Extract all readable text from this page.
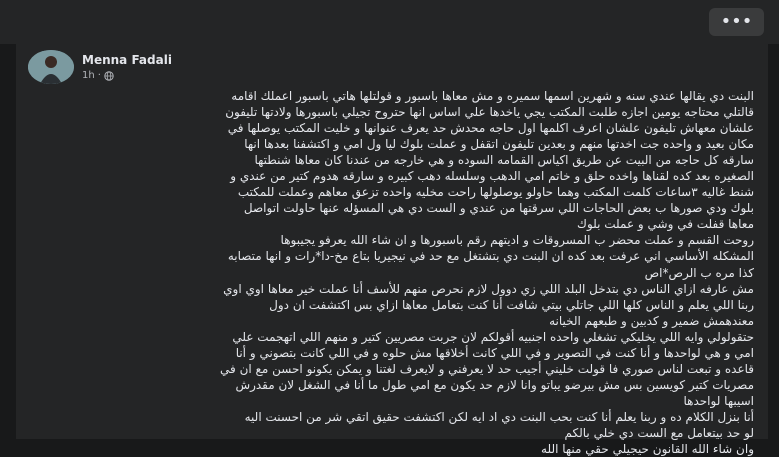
•••
Menna Fadali
1h ·

البنت دي يقالها عندي سنه و شهرين اسمها سميره و مش معاها باسبور و قولتلها هاتي باسبور اعملك اقامه

قالتلي محتاجه يومين اجازه طلبت المكتب يجي ياخدها علي اساس انها حتروح تجيلي باسبورها ولادتها تليفون

علشان معهاش تليفون علشان اعرف اكلمها اول حاجه محدش حد يعرف عنوانها و خليت المكتب يوصلها في

مكان بعيد و واحده جت اخدتها منهم و بعدين تليفون اتقفل و عملت بلوك ليا ول امي و اكتشفنا بعدها انها

سارقه كل حاجه من البيت عن طريق اكياس القمامه السوده و هي خارجه من عندنا كان معاها شنطتها

الصغيره بعد كده لقناها واخده حلق و خاتم امي الدهب وسلسله دهب كبيره و سارقه هدوم كتير من عندي و

شنط غاليه ٣ساعات كلمت المكتب وهما حاولو يوصلولها راحت مخليه واحده تزعق معاهم وعملت للمكتب

بلوك ودي صورها ب بعض الحاجات اللي سرقتها من عندي و الست دي هي المسؤله عنها حاولت اتواصل

معاها قفلت في وشي و عملت بلوك

روحت القسم و عملت محضر ب المسروقات و اديتهم رقم باسبورها و ان شاء الله يعرفو يجيبوها

المشكله الأساسي اني عرفت بعد كده ان البنت دي بتشتغل مع حد في نيجيريا بتاع مخ-دا*رات و انها متصابه

كذا مره ب الرص*اص

مش عارفه ازاي الناس دي بتدخل البلد اللي زي دوول لازم نحرص منهم للأسف أنا عملت خير معاها اوي اوي

ربنا اللي يعلم و الناس كلها اللي جاتلي بيتي شافت أنا كنت بتعامل معاها ازاي بس اكتشفت ان دول

معندهمش ضمير و كدبين و طبعهم الخيانه

حتقولولي وايه اللي يخليكي تشغلي واحده اجنبيه أقولكم لان جربت مصريين كتير و منهم اللي اتهجمت علي

امي و هي لواحدها و أنا كنت في التصوير و في اللي كانت أخلاقها مش حلوه و في اللي كانت بتصوني و أنا

قاعده و تبعت لناس صوري فا قولت خليني أجيب حد لا يعرفني و لايعرف لغتنا و يمكن يكونو احسن مع ان في

مصريات كتير كويسين بس مش بيرضو يباتو وانا لازم حد يكون مع امي طول ما أنا في الشغل لان مقدرش

اسيبها لواحدها

أنا بنزل الكلام ده و ربنا يعلم أنا كنت بحب البنت دي اد ايه لكن اكتشفت حقيق اتقي شر من احسنت اليه

لو حد بيتعامل مع الست دي خلي بالكم

وان شاء الله القانون حيجيلي حقي منها الله
